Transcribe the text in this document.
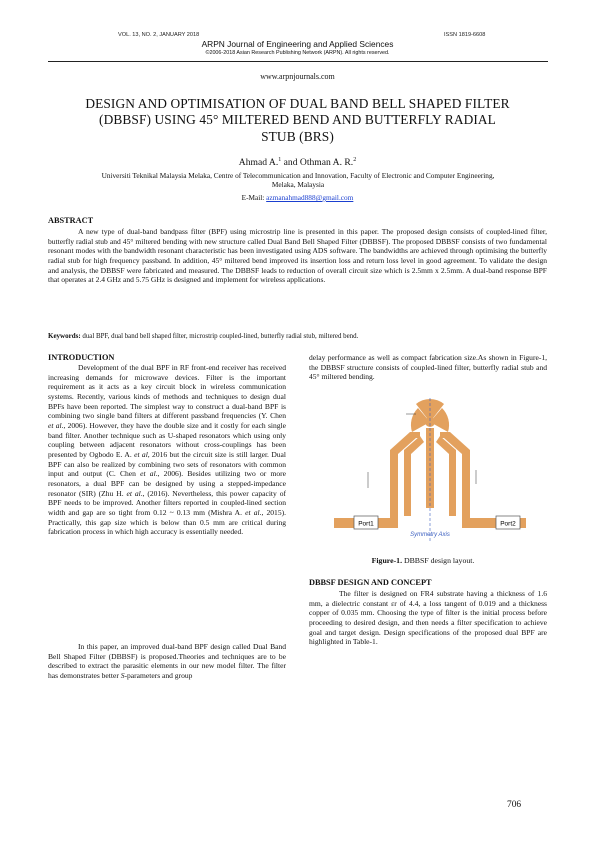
VOL. 13, NO. 2, JANUARY 2018	ISSN 1819-6608
ARPN Journal of Engineering and Applied Sciences
©2006-2018 Asian Research Publishing Network (ARPN). All rights reserved.
www.arpnjournals.com
DESIGN AND OPTIMISATION OF DUAL BAND BELL SHAPED FILTER
(DBBSF) USING 45° MILTERED BEND AND BUTTERFLY RADIAL
STUB (BRS)
Ahmad A.$^1$ and Othman A. R.$^2$
Universiti Teknikal Malaysia Melaka, Centre of Telecommunication and Innovation, Faculty of Electronic and Computer Engineering,
Melaka, Malaysia
E-Mail: azmanahmad888@gmail.com
ABSTRACT
A new type of dual-band bandpass filter (BPF) using microstrip line is presented in this paper. The proposed design consists of coupled-lined filter, butterfly radial stub and 45° miltered bending with new structure called Dual Band Bell Shaped Filter (DBBSF). The proposed DBBSF consists of two fundamental resonant modes with the bandwidth resonant characteristic has been investigated using ADS software. The bandwidths are achieved through optimising the butterfly radial stub for high frequency passband. In addition, 45° miltered bend improved its insertion loss and return loss level in good agreement. To validate the design and analysis, the DBBSF were fabricated and measured. The DBBSF leads to reduction of overall circuit size which is 2.5mm x 2.5mm. A dual-band response BPF that operates at 2.4 GHz and 5.75 GHz is designed and implement for wireless applications.
Keywords: dual BPF, dual band bell shaped filter, microstrip coupled-lined, butterfly radial stub, miltered bend.
INTRODUCTION
Development of the dual BPF in RF front-end receiver has received increasing demands for microwave devices. Filter is the important requirement as it acts as a key circuit block in wireless communication systems. Recently, various kinds of methods and techniques to design dual BPFs have been reported. The simplest way to construct a dual-band BPF is combining two single band filters at different passband frequencies (Y. Chen et al., 2006). However, they have the double size and it costly for each single band filter. Another technique such as U-shaped resonators which using only coupling between adjacent resonators without cross-couplings has been presented by Ogbodo E. A. et al, 2016 but the circuit size is still larger. Dual BPF can also be realized by combining two sets of resonators with common input and output (C. Chen et al., 2006). Besides utilizing two or more resonators, a dual BPF can be designed by using a stepped-impedance resonator (SIR) (Zhu H. et al., (2016). Nevertheless, this power capacity of BPF needs to be improved. Another filters reported in coupled-lined section width and gap are so tight from 0.12 ~ 0.13 mm (Mishra A. et al., 2015). Practically, this gap size which is below than 0.5 mm are critical during fabrication process in which high accuracy is essentially needed.
In this paper, an improved dual-band BPF design called Dual Band Bell Shaped Filter (DBBSF) is proposed.Theories and techniques are to be described to extract the parasitic elements in our new model filter. The filter has demonstrates better S-parameters and group
delay performance as well as compact fabrication size.As shown in Figure-1, the DBBSF structure consists of coupled-lined filter, butterfly radial stub and 45° miltered bending.
Port1	Port2
Symmetry Axis
Figure-1. DBBSF design layout.
DBBSF DESIGN AND CONCEPT
The filter is designed on FR4 substrate having a thickness of 1.6 mm, a dielectric constant εr of 4.4, a loss tangent of 0.019 and a thickness copper of 0.035 mm. Choosing the type of filter is the initial process before proceeding to desired design, and then needs a filter specification to achieve goal and target design. Design specifications of the proposed dual BPF are highlighted in Table-1.
706
